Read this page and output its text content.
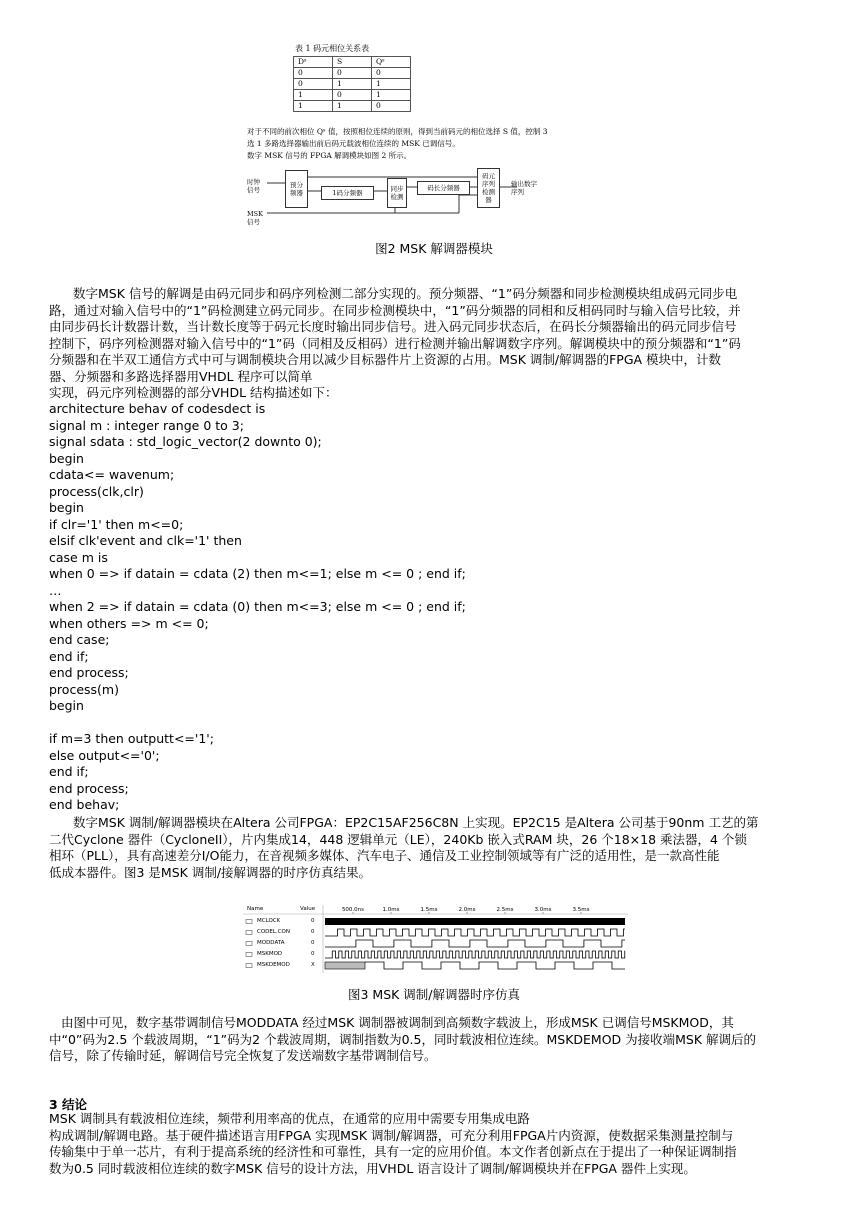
表 1 码元相位关系表
Dˢ	S	Qˢ
0	0	0
0	1	1
1	0	1
1	1	0
对于不同的前次相位 Qˢ 值，按照相位连续的原则，得到当前码元的相位选择 S 值，控制 3
选 1 多路选择器输出前后码元载波相位连续的 MSK 已调信号。
数字 MSK 信号的 FPGA 解调模块如图 2 所示。
预分
频器	1码分频器	同步
检测
码长分频器
码元
序列
检测
器
时钟
信号
MSK
信号
输出数字
序列
图2 MSK 解调器模块
数字MSK 信号的解调是由码元同步和码序列检测二部分实现的。预分频器、“1”码分频器和同步检测模块组成码元同步电
路，通过对输入信号中的“1”码检测建立码元同步。在同步检测模块中，“1”码分频器的同相和反相码同时与输入信号比较，并
由同步码长计数器计数，当计数长度等于码元长度时输出同步信号。进入码元同步状态后，在码长分频器输出的码元同步信号
控制下，码序列检测器对输入信号中的“1”码（同相及反相码）进行检测并输出解调数字序列。解调模块中的预分频器和“1”码
分频器和在半双工通信方式中可与调制模块合用以减少目标器件片上资源的占用。MSK 调制/解调器的FPGA 模块中，计数
器、分频器和多路选择器用VHDL 程序可以简单
实现，码元序列检测器的部分VHDL 结构描述如下：
architecture behav of codesdect is
signal m : integer range 0 to 3;
signal sdata : std_logic_vector(2 downto 0);
begin
cdata<= wavenum;
process(clk,clr)
begin
if clr='1' then m<=0;
elsif clk'event and clk='1' then
case m is
when 0 => if datain = cdata (2) then m<=1; else m <= 0 ; end if;
…
when 2 => if datain = cdata (0) then m<=3; else m <= 0 ; end if;
when others => m <= 0;
end case;
end if;
end process;
process(m)
begin

if m=3 then outputt<='1';
else output<='0';
end if;
end process;
end behav;
数字MSK 调制/解调器模块在Altera 公司FPGA：EP2C15AF256C8N 上实现。EP2C15 是Altera 公司基于90nm 工艺的第
二代Cyclone 器件（CycloneII），片内集成14，448 逻辑单元（LE），240Kb 嵌入式RAM 块，26 个18×18 乘法器，4 个锁
相环（PLL），具有高速差分I/O能力，在音视频多媒体、汽车电子、通信及工业控制领域等有广泛的适用性，是一款高性能
低成本器件。图3 是MSK 调制/接解调器的时序仿真结果。
Name	Value	500.0ns	1.0ms	1.5ms	2.0ms	2.5ms	3.0ms	3.5ms
MCLOCK	0
CODEL.CON	0
MODDATA	0
MSKMOD	0
MSKDEMOD	X
图3 MSK 调制/解调器时序仿真
由图中可见，数字基带调制信号MODDATA 经过MSK 调制器被调制到高频数字载波上，形成MSK 已调信号MSKMOD，其
中“0”码为2.5 个载波周期，“1”码为2 个载波周期，调制指数为0.5，同时载波相位连续。MSKDEMOD 为接收端MSK 解调后的
信号，除了传输时延，解调信号完全恢复了发送端数字基带调制信号。
3 结论
MSK 调制具有载波相位连续，频带利用率高的优点，在通常的应用中需要专用集成电路
构成调制/解调电路。基于硬件描述语言用FPGA 实现MSK 调制/解调器，可充分利用FPGA片内资源，使数据采集测量控制与
传输集中于单一芯片，有利于提高系统的经济性和可靠性，具有一定的应用价值。本文作者创新点在于提出了一种保证调制指
数为0.5 同时载波相位连续的数字MSK 信号的设计方法，用VHDL 语言设计了调制/解调模块并在FPGA 器件上实现。
